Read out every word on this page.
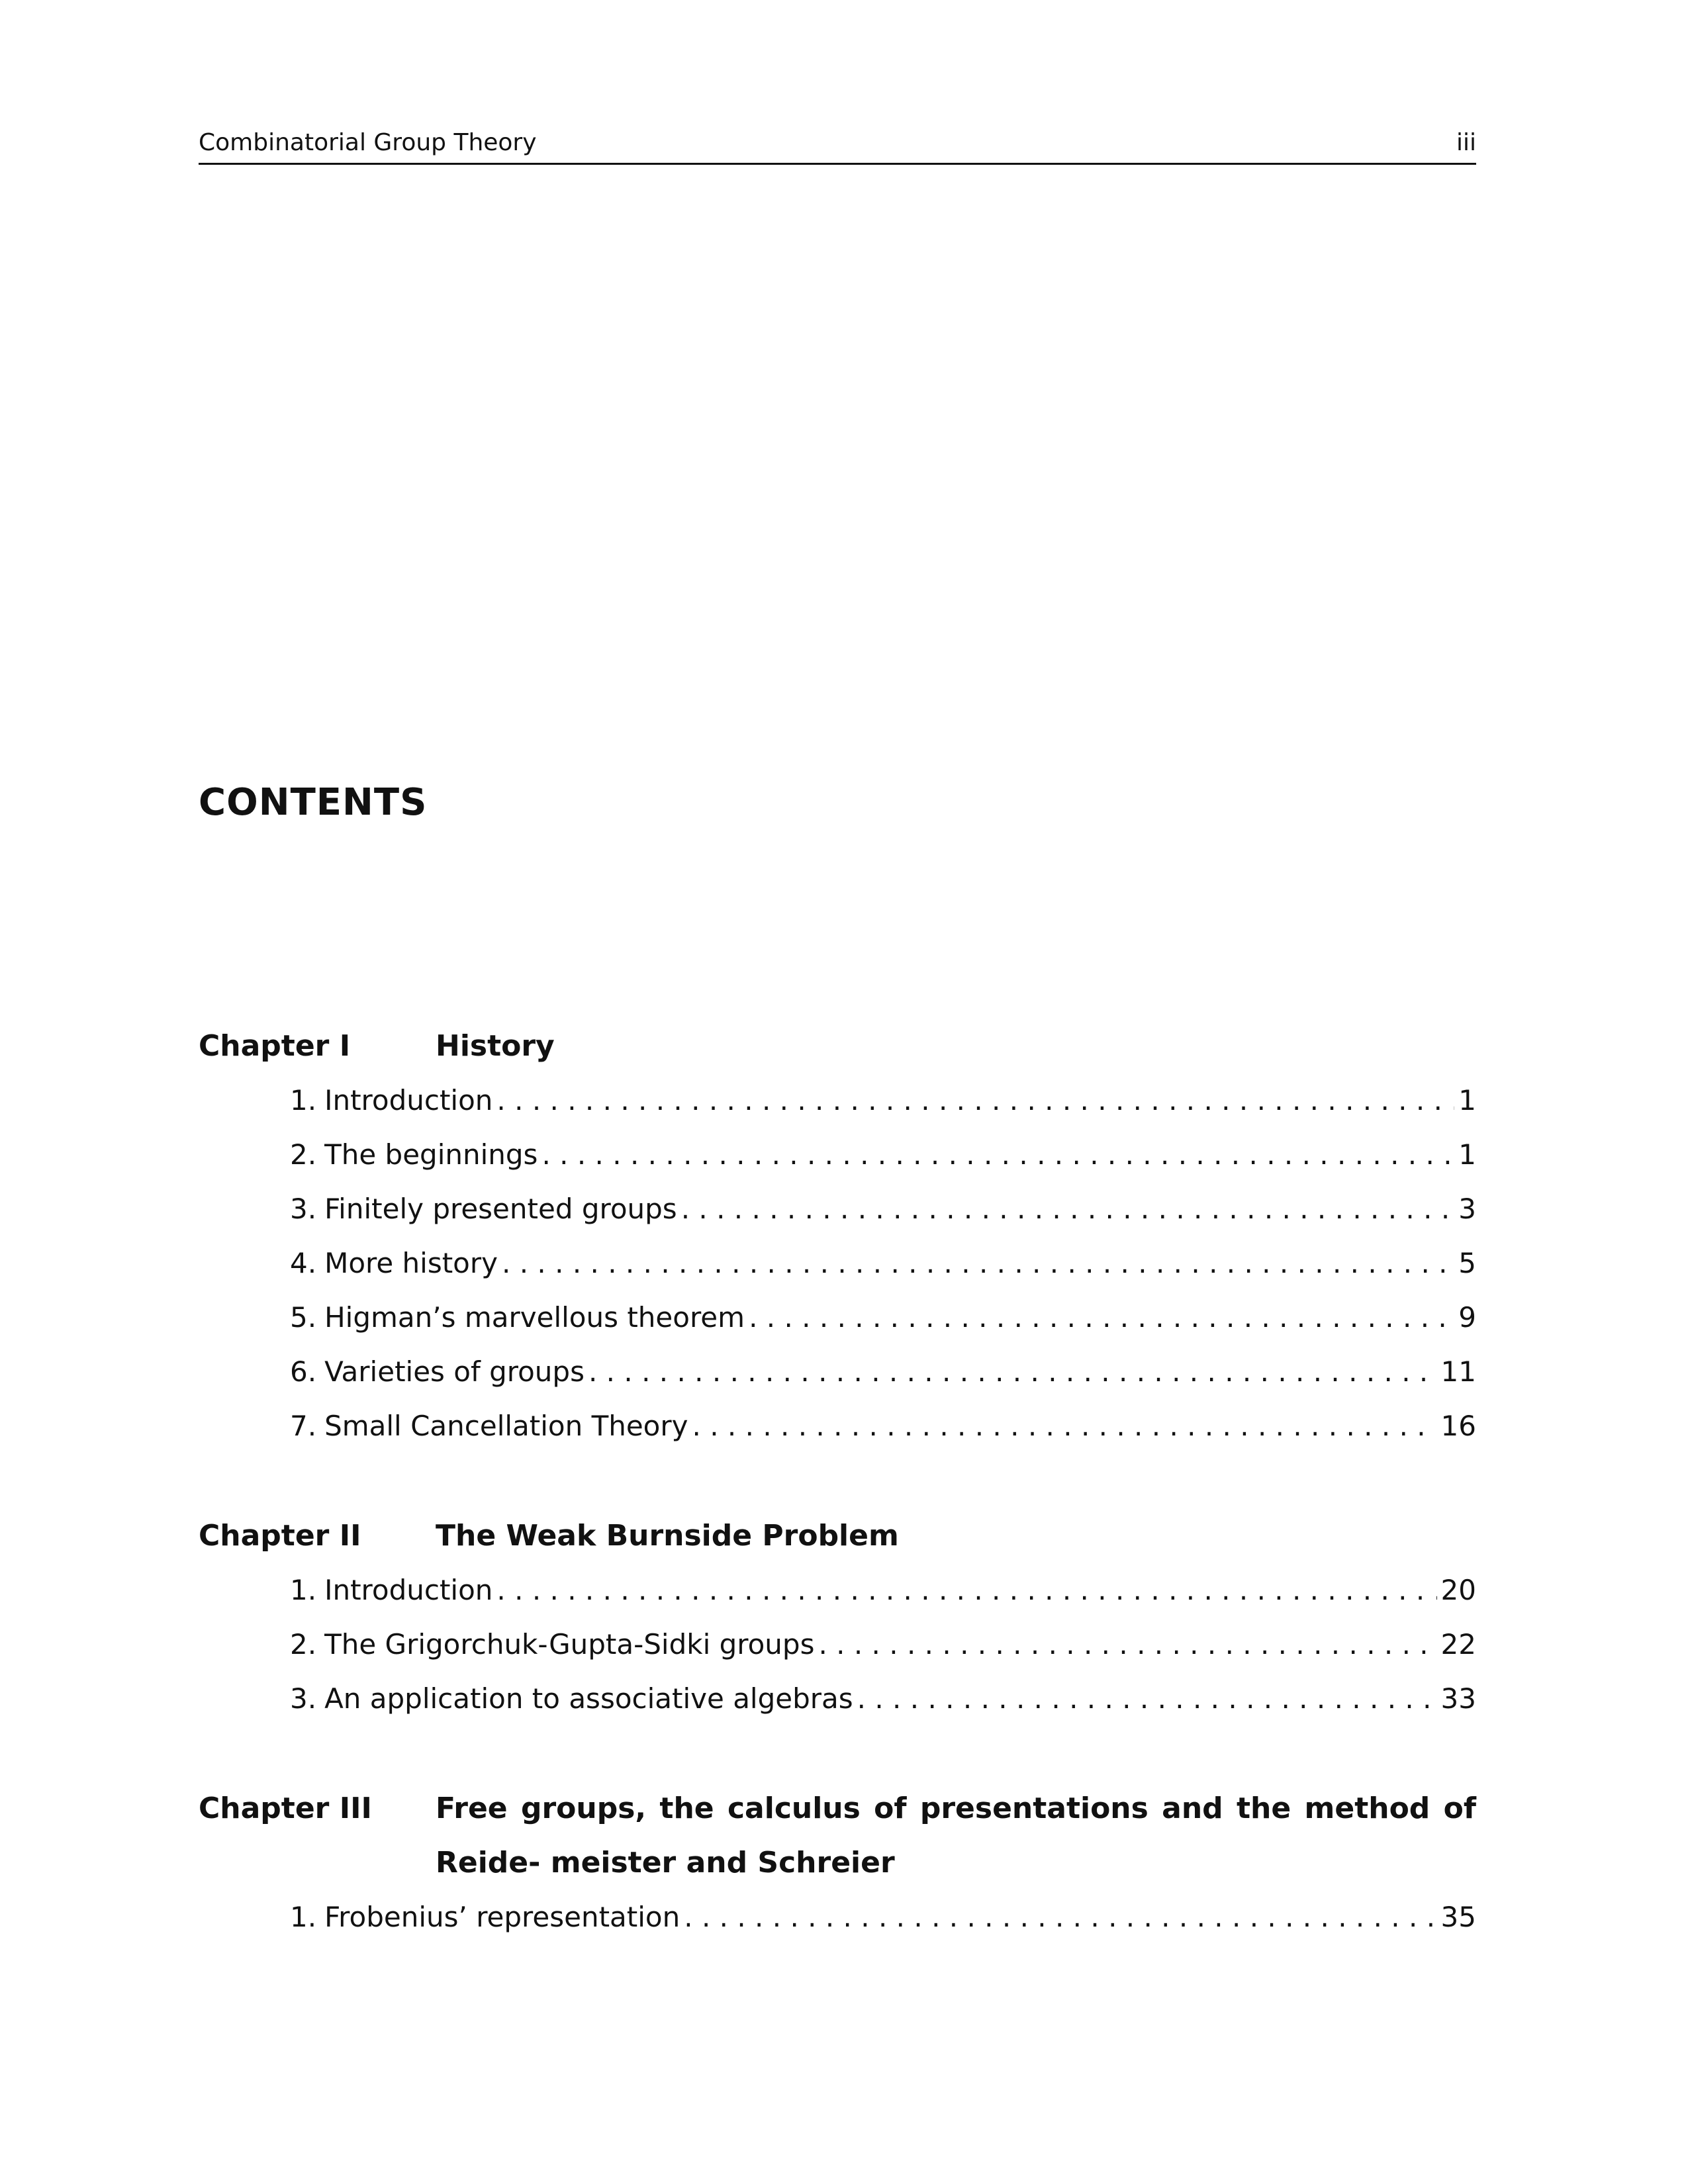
Combinatorial Group Theory	iii
CONTENTS
Chapter I	History
1. Introduction . . .	1
2. The beginnings . . .	1
3. Finitely presented groups . . .	3
4. More history . . .	5
5. Higman’s marvellous theorem . . .	9
6. Varieties of groups . . .	11
7. Small Cancellation Theory . . .	16
Chapter II	The Weak Burnside Problem
1. Introduction . . .	20
2. The Grigorchuk-Gupta-Sidki groups . . .	22
3. An application to associative algebras . . .	33
Chapter III	Free groups, the calculus of presentations and the method of Reide- meister and Schreier
1. Frobenius’ representation . . .	35
